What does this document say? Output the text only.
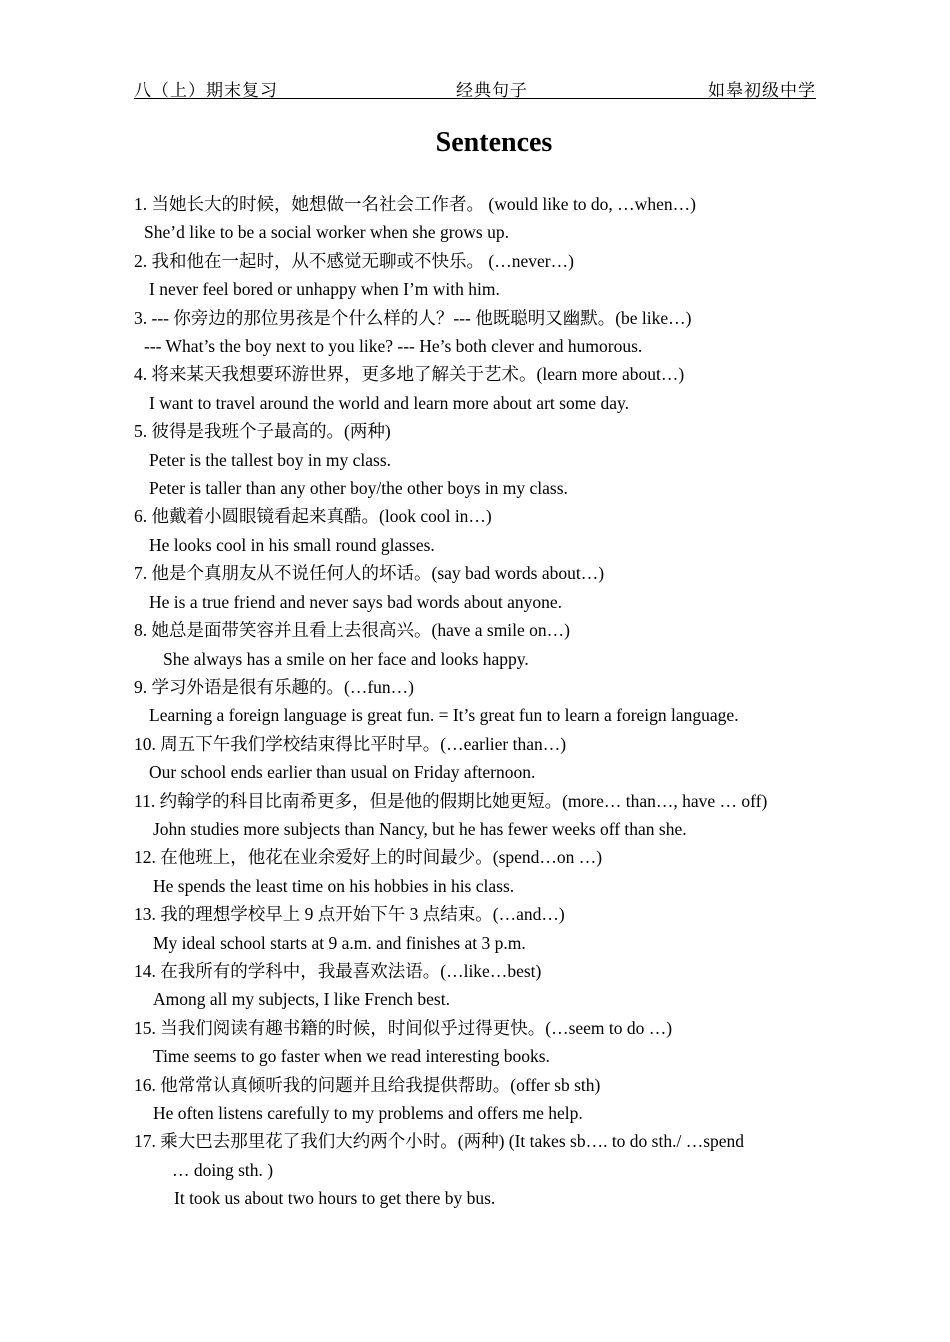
八（上）期末复习	经典句子	如皋初级中学
Sentences
1. 当她长大的时候，她想做一名社会工作者。 (would like to do, …when…)
She’d like to be a social worker when she grows up.
2. 我和他在一起时，从不感觉无聊或不快乐。 (…never…)
I never feel bored or unhappy when I’m with him.
3. --- 你旁边的那位男孩是个什么样的人？--- 他既聪明又幽默。(be like…)
--- What’s the boy next to you like? --- He’s both clever and humorous.
4. 将来某天我想要环游世界，更多地了解关于艺术。(learn more about…)
I want to travel around the world and learn more about art some day.
5. 彼得是我班个子最高的。(两种)
Peter is the tallest boy in my class.
Peter is taller than any other boy/the other boys in my class.
6. 他戴着小圆眼镜看起来真酷。(look cool in…)
He looks cool in his small round glasses.
7. 他是个真朋友从不说任何人的坏话。(say bad words about…)
He is a true friend and never says bad words about anyone.
8. 她总是面带笑容并且看上去很高兴。(have a smile on…)
She always has a smile on her face and looks happy.
9. 学习外语是很有乐趣的。(…fun…)
Learning a foreign language is great fun. = It’s great fun to learn a foreign language.
10. 周五下午我们学校结束得比平时早。(…earlier than…)
Our school ends earlier than usual on Friday afternoon.
11. 约翰学的科目比南希更多，但是他的假期比她更短。(more… than…, have … off)
John studies more subjects than Nancy, but he has fewer weeks off than she.
12. 在他班上，他花在业余爱好上的时间最少。(spend…on …)
He spends the least time on his hobbies in his class.
13. 我的理想学校早上 9 点开始下午 3 点结束。(…and…)
My ideal school starts at 9 a.m. and finishes at 3 p.m.
14. 在我所有的学科中，我最喜欢法语。(…like…best)
Among all my subjects, I like French best.
15. 当我们阅读有趣书籍的时候，时间似乎过得更快。(…seem to do …)
Time seems to go faster when we read interesting books.
16. 他常常认真倾听我的问题并且给我提供帮助。(offer sb sth)
He often listens carefully to my problems and offers me help.
17. 乘大巴去那里花了我们大约两个小时。(两种) (It takes sb…. to do sth./ …spend
… doing sth. )
It took us about two hours to get there by bus.
